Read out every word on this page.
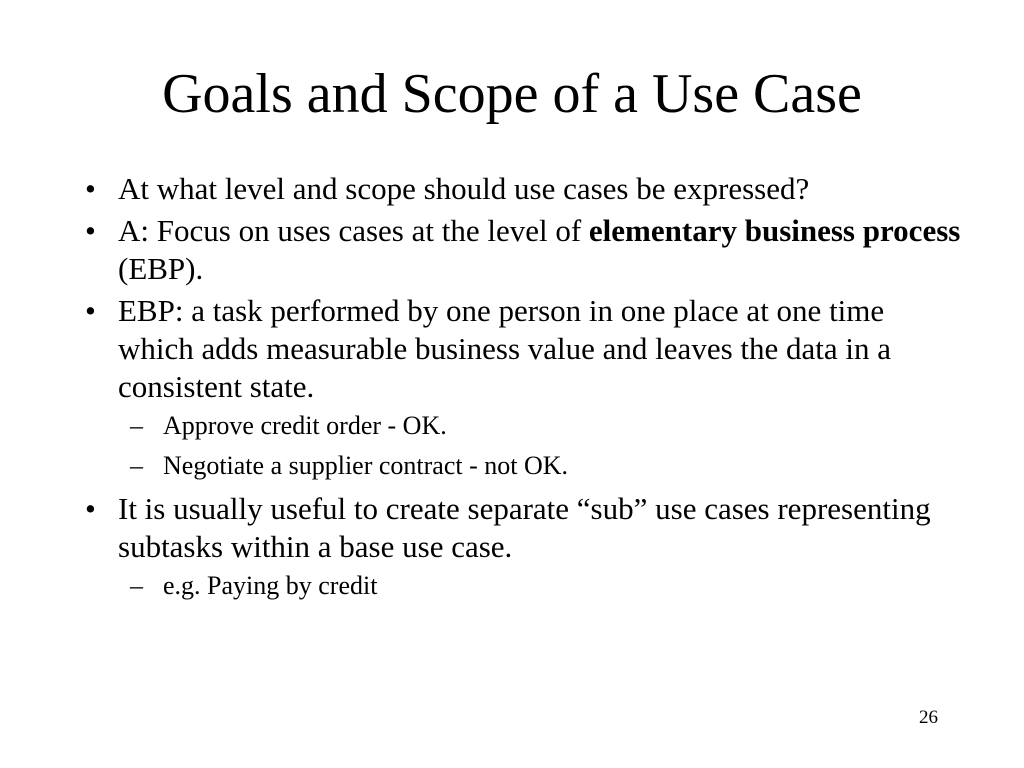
Goals and Scope of a Use Case
• At what level and scope should use cases be expressed?
• A: Focus on uses cases at the level of elementary business process (EBP).
• EBP: a task performed by one person in one place at one time which adds measurable business value and leaves the data in a consistent state.
– Approve credit order - OK.
– Negotiate a supplier contract - not OK.
• It is usually useful to create separate “sub” use cases representing subtasks within a base use case.
– e.g. Paying by credit
26
